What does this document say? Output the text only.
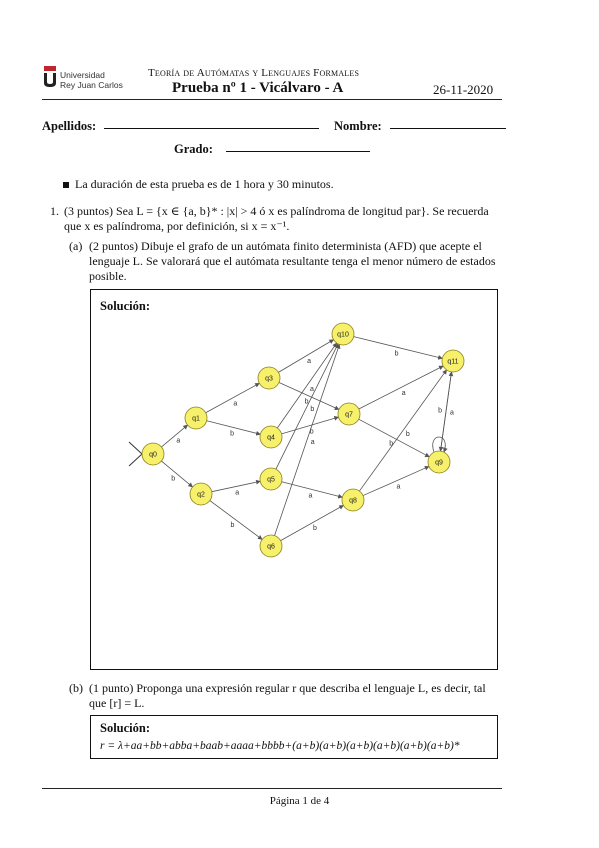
Universidad
Rey Juan Carlos
Teoría de Autómatas y Lenguajes Formales
Prueba nº 1 - Vicálvaro - A	26-11-2020
Apellidos:	Nombre:
Grado:
La duración de esta prueba es de 1 hora y 30 minutos.
1. (3 puntos) Sea L = {x ∈ {a, b}* : |x| > 4 ó x es palíndroma de longitud par}. Se recuerda que x es palíndroma, por definición, si x = x⁻¹.
(a) (2 puntos) Dibuje el grafo de un autómata finito determinista (AFD) que acepte el lenguaje L. Se valorará que el autómata resultante tenga el menor número de estados posible.
Solución:
a
b
a
b
a
b
a
b
a
b
b
a
a
b
a
b
b
a
b
a
b
q0
q1
q2
q3
q4
q5
q6
q7
q8
q9
q10
q11
(b) (1 punto) Proponga una expresión regular r que describa el lenguaje L, es decir, tal que [r] = L.
Solución:
r = λ+aa+bb+abba+baab+aaaa+bbbb+(a+b)(a+b)(a+b)(a+b)(a+b)(a+b)*
Página 1 de 4
